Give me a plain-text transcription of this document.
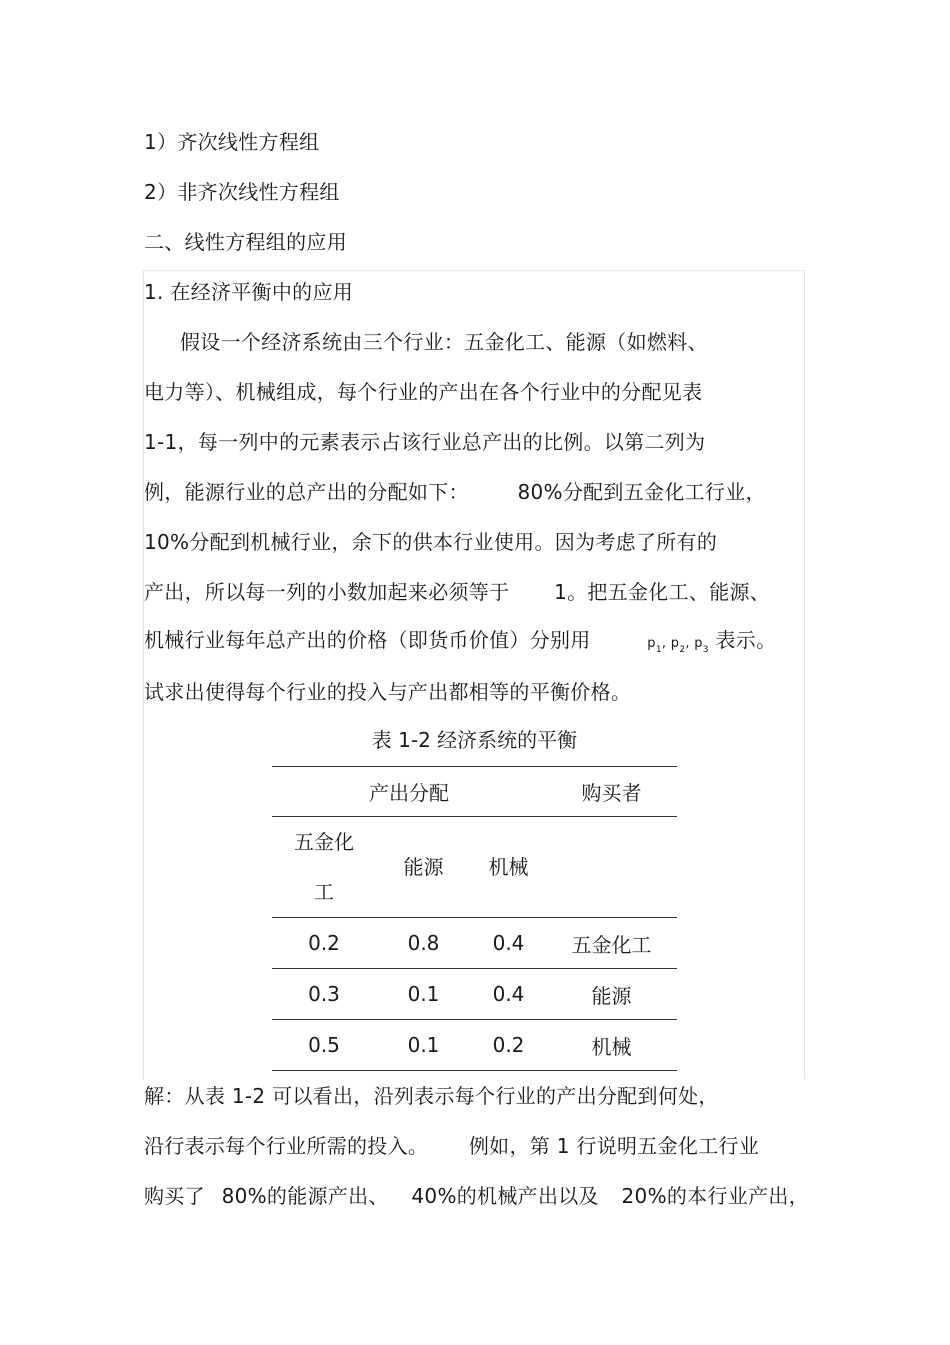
1）齐次线性方程组
2）非齐次线性方程组
二、线性方程组的应用
1. 在经济平衡中的应用
假设一个经济系统由三个行业：五金化工、能源（如燃料、
电力等）、机械组成，每个行业的产出在各个行业中的分配见表
1-1，每一列中的元素表示占该行业总产出的比例。以第二列为
例，能源行业的总产出的分配如下： 80%分配到五金化工行业，
10%分配到机械行业，余下的供本行业使用。因为考虑了所有的
产出，所以每一列的小数加起来必须等于 1。把五金化工、能源、
机械行业每年总产出的价格（即货币价值）分别用	$p_1$, $p_2$, $p_3$ 表示。
试求出使得每个行业的投入与产出都相等的平衡价格。
表 1-2 经济系统的平衡
产出分配			购买者
五金化
工	能源	机械	
0.2	0.8	0.4	五金化工
0.3	0.1	0.4	能源
0.5	0.1	0.2	机械
解：从表 1-2 可以看出，沿列表示每个行业的产出分配到何处，
沿行表示每个行业所需的投入。 例如，第 1 行说明五金化工行业
购买了 80%的能源产出、 40%的机械产出以及 20%的本行业产出，
